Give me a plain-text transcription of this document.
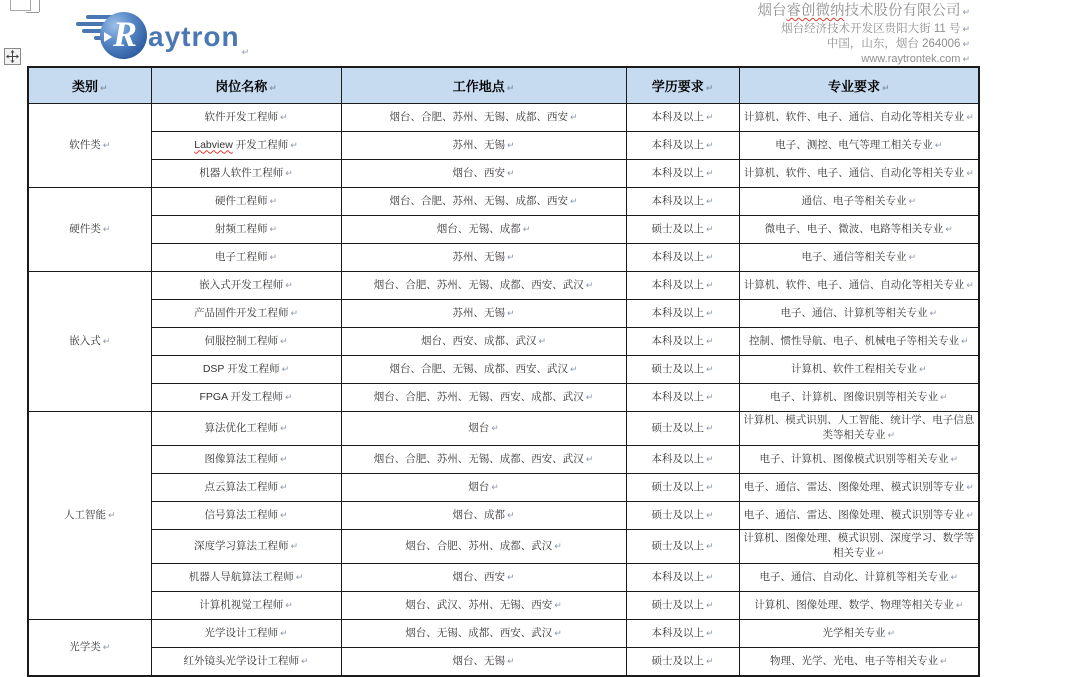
R aytron
↵
烟台睿创微纳技术股份有限公司 ↵
烟台经济技术开发区贵阳大街 11 号 ↵
中国，山东，烟台 264006 ↵
www.raytrontek.com ↵
类别 ↵	岗位名称 ↵	工作地点 ↵	学历要求 ↵	专业要求 ↵
软件类 ↵	软件开发工程师 ↵	烟台、合肥、苏州、无锡、成都、西安 ↵	本科及以上 ↵	计算机、软件、电子、通信、自动化等相关专业 ↵
	Labview 开发工程师 ↵	苏州、无锡 ↵	本科及以上 ↵	电子、测控、电气等理工相关专业 ↵
	机器人软件工程师 ↵	烟台、西安 ↵	本科及以上 ↵	计算机、软件、电子、通信、自动化等相关专业 ↵
硬件类 ↵	硬件工程师 ↵	烟台、合肥、苏州、无锡、成都、西安 ↵	本科及以上 ↵	通信、电子等相关专业 ↵
	射频工程师 ↵	烟台、无锡、成都 ↵	硕士及以上 ↵	微电子、电子、微波、电路等相关专业 ↵
	电子工程师 ↵	苏州、无锡 ↵	本科及以上 ↵	电子、通信等相关专业 ↵
嵌入式 ↵	嵌入式开发工程师 ↵	烟台、合肥、苏州、无锡、成都、西安、武汉 ↵	本科及以上 ↵	计算机、软件、电子、通信、自动化等相关专业 ↵
	产品固件开发工程师 ↵	苏州、无锡 ↵	本科及以上 ↵	电子、通信、计算机等相关专业 ↵
	伺服控制工程师 ↵	烟台、西安、成都、武汉 ↵	本科及以上 ↵	控制、惯性导航、电子、机械电子等相关专业 ↵
	DSP 开发工程师 ↵	烟台、合肥、无锡、成都、西安、武汉 ↵	硕士及以上 ↵	计算机、软件工程相关专业 ↵
	FPGA 开发工程师 ↵	烟台、合肥、苏州、无锡、西安、成都、武汉 ↵	本科及以上 ↵	电子、计算机、图像识别等相关专业 ↵
人工智能 ↵	算法优化工程师 ↵	烟台 ↵	硕士及以上 ↵	计算机、模式识别、人工智能、统计学、电子信息类等相关专业 ↵
	图像算法工程师 ↵	烟台、合肥、苏州、无锡、成都、西安、武汉 ↵	本科及以上 ↵	电子、计算机、图像模式识别等相关专业 ↵
	点云算法工程师 ↵	烟台 ↵	硕士及以上 ↵	电子、通信、雷达、图像处理、模式识别等专业 ↵
	信号算法工程师 ↵	烟台、成都 ↵	硕士及以上 ↵	电子、通信、雷达、图像处理、模式识别等专业 ↵
	深度学习算法工程师 ↵	烟台、合肥、苏州、成都、武汉 ↵	硕士及以上 ↵	计算机、图像处理、模式识别、深度学习、数学等相关专业 ↵
	机器人导航算法工程师 ↵	烟台、西安 ↵	本科及以上 ↵	电子、通信、自动化、计算机等相关专业 ↵
	计算机视觉工程师 ↵	烟台、武汉、苏州、无锡、西安 ↵	硕士及以上 ↵	计算机、图像处理、数学、物理等相关专业 ↵
光学类 ↵	光学设计工程师 ↵	烟台、无锡、成都、西安、武汉 ↵	本科及以上 ↵	光学相关专业 ↵
	红外镜头光学设计工程师 ↵	烟台、无锡 ↵	硕士及以上 ↵	物理、光学、光电、电子等相关专业 ↵
